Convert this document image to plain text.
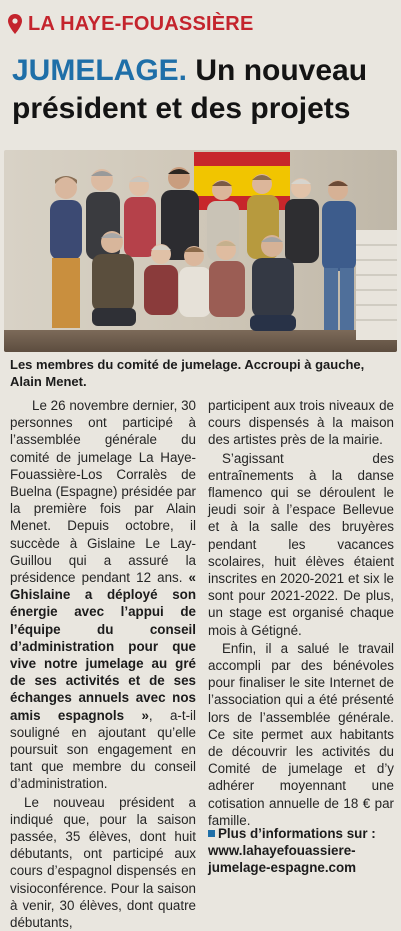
LA HAYE-FOUASSIÈRE
JUMELAGE. Un nouveau président et des projets
Les membres du comité de jumelage. Accroupi à gauche, Alain Menet.

Le 26 novembre dernier, 30 personnes ont participé à l’assemblée générale du comité de jumelage La Haye-Fouassière-Los Corralès de Buelna (Espagne) présidée par la première fois par Alain Menet. Depuis octobre, il succède à Gislaine Le Lay-Guillou qui a assuré la présidence pendant 12 ans. « Ghislaine a déployé son énergie avec l’appui de l’équipe du conseil d’administration pour que vive notre jumelage au gré de ses activités et de ses échanges annuels avec nos amis espagnols », a-t-il souligné en ajoutant qu’elle poursuit son engagement en tant que membre du conseil d’administration.

Le nouveau président a indiqué que, pour la saison passée, 35 élèves, dont huit débutants, ont participé aux cours d’espagnol dispensés en visioconférence. Pour la saison à venir, 30 élèves, dont quatre débutants,

participent aux trois niveaux de cours dispensés à la maison des artistes près de la mairie.

S’agissant des entraînements à la danse flamenco qui se déroulent le jeudi soir à l’espace Bellevue et à la salle des bruyères pendant les vacances scolaires, huit élèves étaient inscrites en 2020-2021 et six le sont pour 2021-2022. De plus, un stage est organisé chaque mois à Gétigné.

Enfin, il a salué le travail accompli par des bénévoles pour finaliser le site Internet de l’association qui a été présenté lors de l’assemblée générale. Ce site permet aux habitants de découvrir les activités du Comité de jumelage et d’y adhérer moyennant une cotisation annuelle de 18 € par famille.

Plus d’informations sur :
www.lahayefouassiere-jumelage-espagne.com
